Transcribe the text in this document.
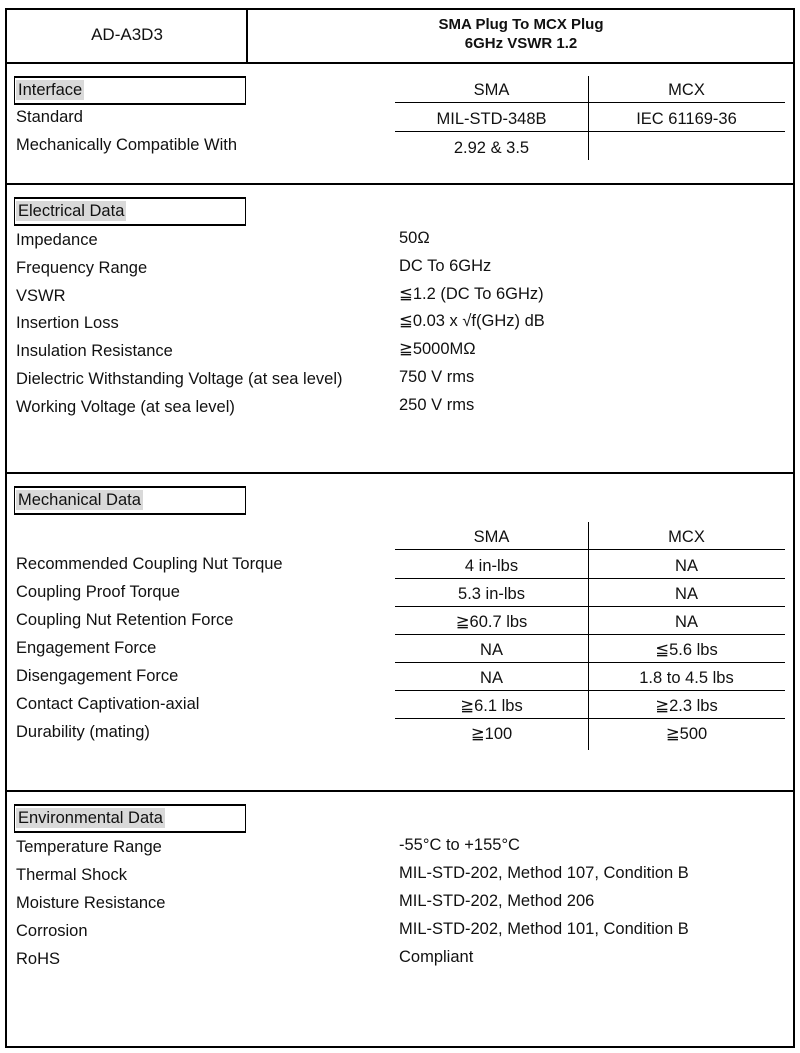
AD-A3D3
SMA Plug To MCX Plug
6GHz VSWR 1.2
Interface	SMA	MCX
Standard	MIL-STD-348B	IEC 61169-36
Mechanically Compatible With	2.92 & 3.5
Electrical Data
Mechanical Data
SMA	MCX
Environmental Data
Impedance	50Ω
Frequency Range	DC To 6GHz
VSWR	≦1.2 (DC To 6GHz)
Insertion Loss	≦0.03 x √f(GHz) dB
Insulation Resistance	≧5000MΩ
Dielectric Withstanding Voltage (at sea level)	750 V rms
Working Voltage (at sea level)	250 V rms
Recommended Coupling Nut Torque	4 in-lbs	NA
Coupling Proof Torque	5.3 in-lbs	NA
Coupling Nut Retention Force	≧60.7 lbs	NA
Engagement Force	NA	≦5.6 lbs
Disengagement Force	NA	1.8 to 4.5 lbs
Contact Captivation-axial	≧6.1 lbs	≧2.3 lbs
Durability (mating)	≧100	≧500
Temperature Range	-55°C to +155°C
Thermal Shock	MIL-STD-202, Method 107, Condition B
Moisture Resistance	MIL-STD-202, Method 206
Corrosion	MIL-STD-202, Method 101, Condition B
RoHS	Compliant
